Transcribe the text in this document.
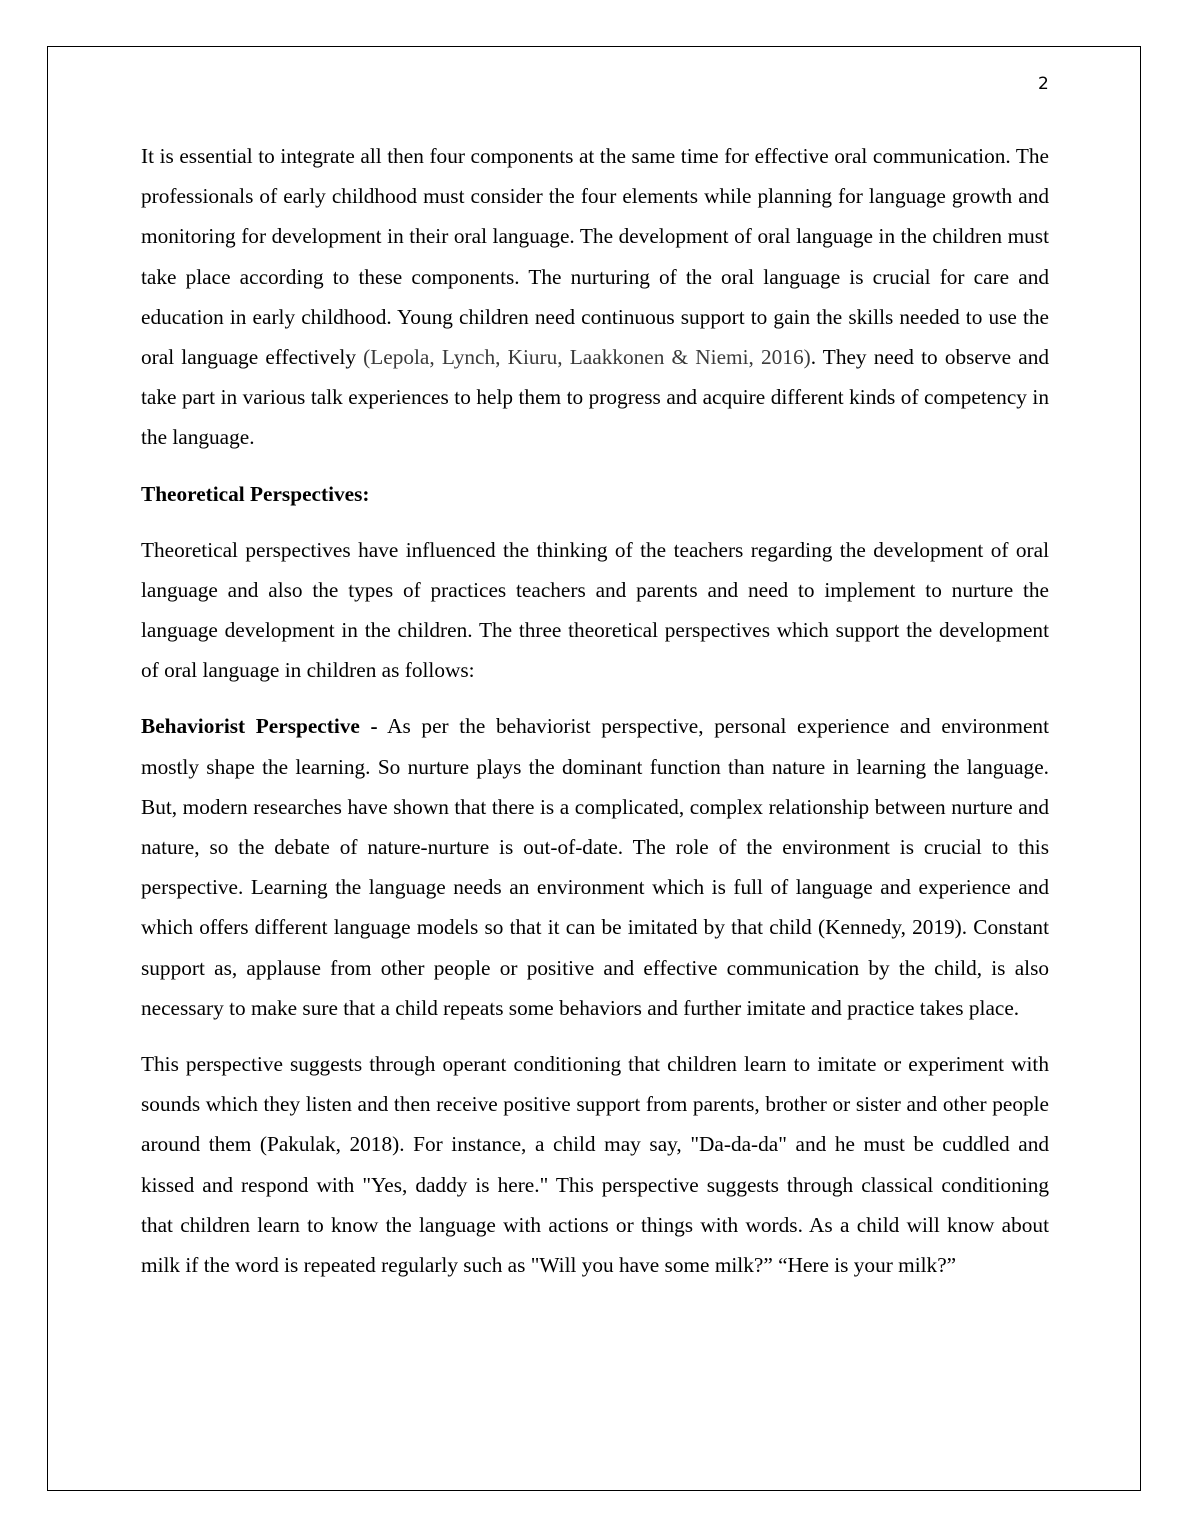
2

It is essential to integrate all then four components at the same time for effective oral communication. The professionals of early childhood must consider the four elements while planning for language growth and monitoring for development in their oral language. The development of oral language in the children must take place according to these components. The nurturing of the oral language is crucial for care and education in early childhood. Young children need continuous support to gain the skills needed to use the oral language effectively (Lepola, Lynch, Kiuru, Laakkonen & Niemi, 2016). They need to observe and take part in various talk experiences to help them to progress and acquire different kinds of competency in the language.

Theoretical Perspectives:

Theoretical perspectives have influenced the thinking of the teachers regarding the development of oral language and also the types of practices teachers and parents and need to implement to nurture the language development in the children. The three theoretical perspectives which support the development of oral language in children as follows:

Behaviorist Perspective - As per the behaviorist perspective, personal experience and environment mostly shape the learning. So nurture plays the dominant function than nature in learning the language. But, modern researches have shown that there is a complicated, complex relationship between nurture and nature, so the debate of nature-nurture is out-of-date. The role of the environment is crucial to this perspective. Learning the language needs an environment which is full of language and experience and which offers different language models so that it can be imitated by that child (Kennedy, 2019). Constant support as, applause from other people or positive and effective communication by the child, is also necessary to make sure that a child repeats some behaviors and further imitate and practice takes place.

This perspective suggests through operant conditioning that children learn to imitate or experiment with sounds which they listen and then receive positive support from parents, brother or sister and other people around them (Pakulak, 2018). For instance, a child may say, "Da-da-da" and he must be cuddled and kissed and respond with "Yes, daddy is here." This perspective suggests through classical conditioning that children learn to know the language with actions or things with words. As a child will know about milk if the word is repeated regularly such as "Will you have some milk?” “Here is your milk?”
